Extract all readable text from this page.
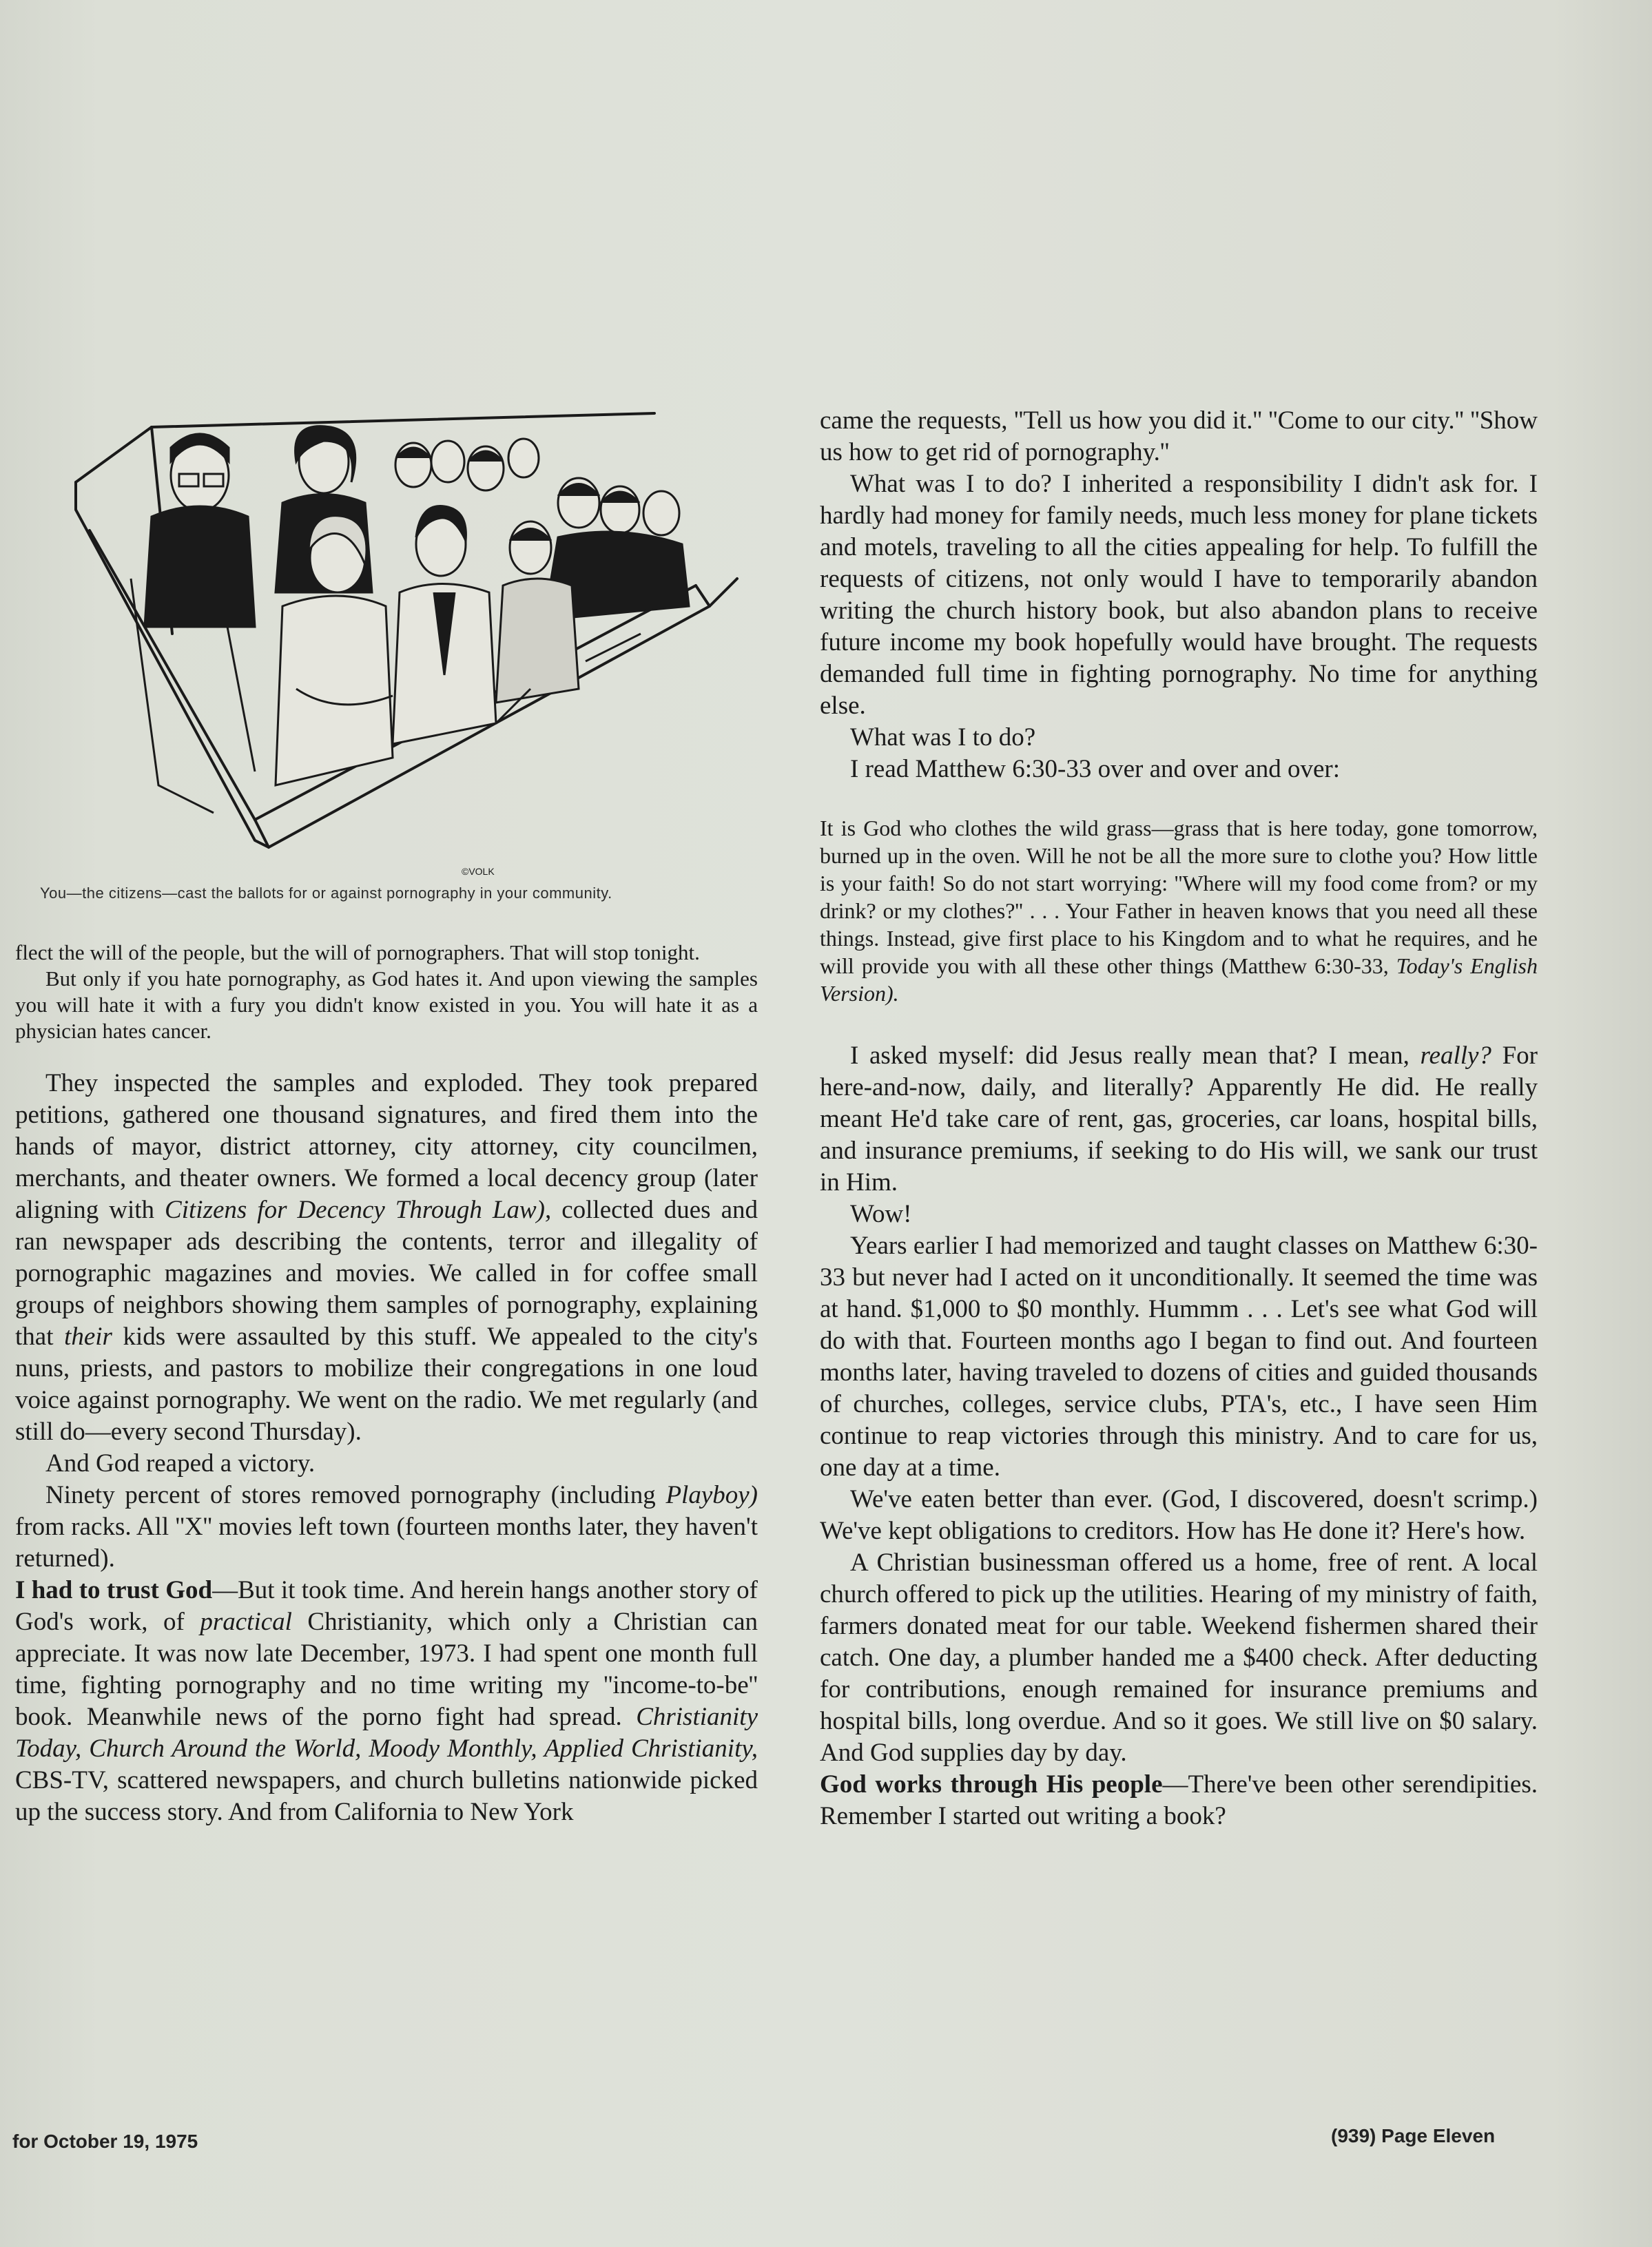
©VOLK
You—the citizens—cast the ballots for or against pornography in your community.

flect the will of the people, but the will of pornographers. That will stop tonight.

But only if you hate pornography, as God hates it. And upon viewing the samples you will hate it with a fury you didn't know existed in you. You will hate it as a physician hates cancer.

They inspected the samples and exploded. They took prepared petitions, gathered one thousand signatures, and fired them into the hands of mayor, district attorney, city attorney, city councilmen, merchants, and theater owners. We formed a local decency group (later aligning with Citizens for Decency Through Law), collected dues and ran newspaper ads describing the contents, terror and illegality of pornographic magazines and movies. We called in for coffee small groups of neighbors showing them samples of pornography, explaining that their kids were assaulted by this stuff. We appealed to the city's nuns, priests, and pastors to mobilize their congregations in one loud voice against pornography. We went on the radio. We met regularly (and still do—every second Thursday).

And God reaped a victory.

Ninety percent of stores removed pornography (including Playboy) from racks. All ''X'' movies left town (fourteen months later, they haven't returned).

I had to trust God—But it took time. And herein hangs another story of God's work, of practical Christianity, which only a Christian can appreciate. It was now late December, 1973. I had spent one month full time, fighting pornography and no time writing my ''income-to-be'' book. Meanwhile news of the porno fight had spread. Christianity Today, Church Around the World, Moody Monthly, Applied Christianity, CBS-TV, scattered newspapers, and church bulletins nationwide picked up the success story. And from California to New York

came the requests, ''Tell us how you did it.'' ''Come to our city.'' ''Show us how to get rid of pornography.''

What was I to do? I inherited a responsibility I didn't ask for. I hardly had money for family needs, much less money for plane tickets and motels, traveling to all the cities appealing for help. To fulfill the requests of citizens, not only would I have to temporarily abandon writing the church history book, but also abandon plans to receive future income my book hopefully would have brought. The requests demanded full time in fighting pornography. No time for anything else.

What was I to do?

I read Matthew 6:30-33 over and over and over:

It is God who clothes the wild grass—grass that is here today, gone tomorrow, burned up in the oven. Will he not be all the more sure to clothe you? How little is your faith! So do not start worrying: ''Where will my food come from? or my drink? or my clothes?'' . . . Your Father in heaven knows that you need all these things. Instead, give first place to his Kingdom and to what he requires, and he will provide you with all these other things (Matthew 6:30-33, Today's English Version).

I asked myself: did Jesus really mean that? I mean, really? For here-and-now, daily, and literally? Apparently He did. He really meant He'd take care of rent, gas, groceries, car loans, hospital bills, and insurance premiums, if seeking to do His will, we sank our trust in Him.

Wow!

Years earlier I had memorized and taught classes on Matthew 6:30-33 but never had I acted on it unconditionally. It seemed the time was at hand. $1,000 to $0 monthly. Hummm . . . Let's see what God will do with that. Fourteen months ago I began to find out. And fourteen months later, having traveled to dozens of cities and guided thousands of churches, colleges, service clubs, PTA's, etc., I have seen Him continue to reap victories through this ministry. And to care for us, one day at a time.

We've eaten better than ever. (God, I discovered, doesn't scrimp.) We've kept obligations to creditors. How has He done it? Here's how.

A Christian businessman offered us a home, free of rent. A local church offered to pick up the utilities. Hearing of my ministry of faith, farmers donated meat for our table. Weekend fishermen shared their catch. One day, a plumber handed me a $400 check. After deducting for contributions, enough remained for insurance premiums and hospital bills, long overdue. And so it goes. We still live on $0 salary. And God supplies day by day.

God works through His people—There've been other serendipities. Remember I started out writing a book?

for October 19, 1975	(939) Page Eleven
